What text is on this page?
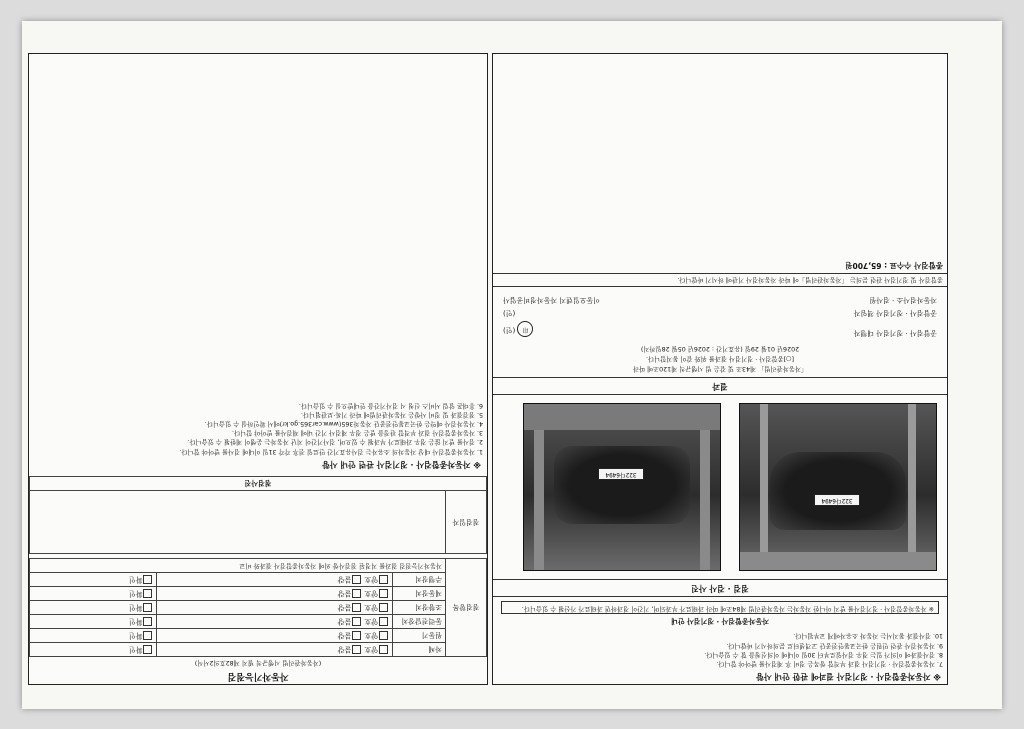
자동차기능점검
(자동차관리법 시행규칙 별지 제82호의2서식)
점검항목	차체	양호 불량	확인
	원동기	양호 불량	확인
	동력전달장치	양호 불량	확인
	조향장치	양호 불량	확인
	제동장치	양호 불량	확인
	주행장치	양호 불량	확인
	자동차기능점검 결과를 지정된 점검사항 외에 자동차종합검사 결과와 비교		
점검일자	
점검사진
※ 자동차종합검사 · 정기검사 관련 안내 사항

1. 자동차종합검사 대상 자동차의 소유자는 검사유효기간 만료일 전후 각각 31일 이내에 검사를 받아야 합니다.

2. 검사를 받지 않은 경우 과태료가 부과될 수 있으며, 검사기간이 지난 자동차는 운행이 제한될 수 있습니다.

3. 자동차종합검사 결과 부적합 판정을 받은 경우 재검사 기간 내에 재검사를 받아야 합니다.

4. 자동차검사 예약은 한국교통안전공단 자동차365(www.car365.go.kr)에서 확인하실 수 있습니다.

5. 점검결과 및 정비 사항은 자동차관리법에 따라 기록·보관됩니다.

6. 휴대폰 알림 서비스 신청 시 검사기간을 안내받으실 수 있습니다.

※ 자동차종합검사 · 정기검사 결과에 관한 안내 사항

7. 자동차종합검사 · 정기검사 결과 부적합 항목은 정비 후 재검사를 받아야 합니다.

8. 검사결과에 이의가 있는 경우 검사일로부터 30일 이내에 이의신청을 할 수 있습니다.

9. 자동차검사 관련 민원은 한국교통안전공단 고객센터로 문의하시기 바랍니다.

10. 검사결과 통지서는 자동차 소유자에게 교부됩니다.

자동차종합검사 · 정기검사 안내
※ 자동차종합검사 · 정기검사를 받지 아니한 자동차는 자동차관리법 제84조에 따라 과태료가 부과되며, 기간이 경과하면 과태료가 가산될 수 있습니다.
점검 · 검사 사진
322다6494
322다6494
결과
「자동차관리법」 제43조 및 같은 법 시행규칙 제120조에 따라
[○]종합검사 · 정기검사 결과를 위와 같이 통지합니다.
2026년 01월 29일 (유효기간 : 2026년 05월 28일까지)
종합검사 · 정기검사 대행자
印 (인)
종합검사 · 정기검사 책임자
(인)
자동차검사소 · 검사원
이동오일렌지 자동차정비공업사
종합검사 및 정기검사 관련 문의는 「자동차관리법」에 따라 자동차검사 기관에 하시기 바랍니다.
종합검사 수수료 : 65,700원
